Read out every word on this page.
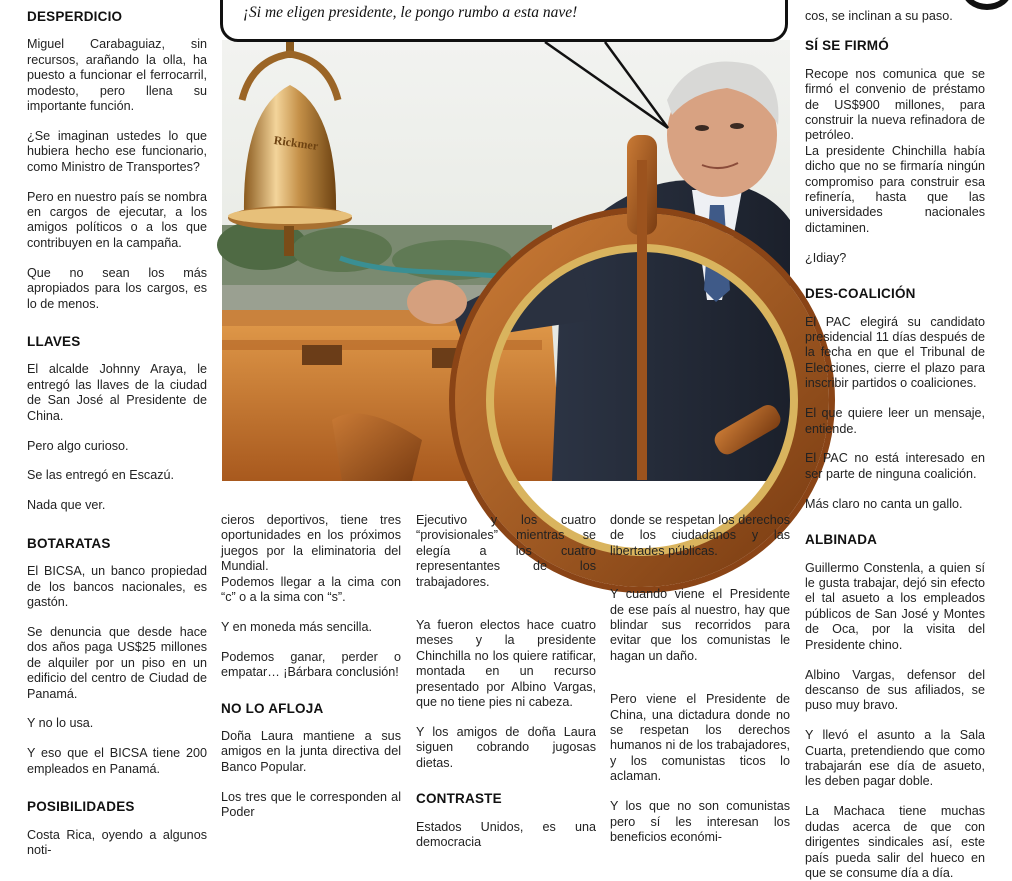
DESPERDICIO

Miguel Carabaguiaz, sin recursos, arañando la olla, ha puesto a funcionar el ferrocarril, modesto, pero llena su importante función.

¿Se imaginan ustedes lo que hubiera hecho ese funcionario, como Ministro de Transportes?

Pero en nuestro país se nombra en cargos de ejecutar, a los amigos políticos o a los que contribuyen en la campaña.

Que no sean los más apropiados para los cargos, es lo de menos.

LLAVES

El alcalde Johnny Araya, le entregó las llaves de la ciudad de San José al Presidente de China.

Pero algo curioso.

Se las entregó en Escazú.

Nada que ver.

BOTARATAS

El BICSA, un banco propiedad de los bancos nacionales, es gastón.

Se denuncia que desde hace dos años paga US$25 millones de alquiler por un piso en un edificio del centro de Ciudad de Panamá.

Y no lo usa.

Y eso que el BICSA tiene 200 empleados en Panamá.

POSIBILIDADES

Costa Rica, oyendo a algunos noti-

Rickmer
¡Si me eligen presidente, le pongo rumbo a esta nave!

cieros deportivos, tiene tres oportunidades en los próximos juegos por la eliminatoria del Mundial.

Podemos llegar a la cima con “c” o a la sima con “s”.

Y en moneda más sencilla.

Podemos ganar, perder o empatar… ¡Bárbara conclusión!

NO LO AFLOJA

Doña Laura mantiene a sus amigos en la junta directiva del Banco Popular.

Los tres que le corresponden al Poder

Ejecutivo y los cuatro “provisionales” mientras se elegía a los cuatro representantes de los trabajadores.

Ya fueron electos hace cuatro meses y la presidente Chinchilla no los quiere ratificar, montada en un recurso presentado por Albino Vargas, que no tiene pies ni cabeza.

Y los amigos de doña Laura siguen cobrando jugosas dietas.

CONTRASTE

Estados Unidos, es una democracia

donde se respetan los derechos de los ciudadanos y las libertades públicas.

Y cuando viene el Presidente de ese país al nuestro, hay que blindar sus recorridos para evitar que los comunistas le hagan un daño.

Pero viene el Presidente de China, una dictadura donde no se respetan los derechos humanos ni de los trabajadores, y los comunistas ticos lo aclaman.

Y los que no son comunistas pero sí les interesan los beneficios económi-

cos, se inclinan a su paso.

SÍ SE FIRMÓ

Recope nos comunica que se firmó el convenio de préstamo de US$900 millones, para construir la nueva refinadora de petróleo.

La presidente Chinchilla había dicho que no se firmaría ningún compromiso para construir esa refinería, hasta que las universidades nacionales dictaminen.

¿Idiay?

DES-COALICIÓN

El PAC elegirá su candidato presidencial 11 días después de la fecha en que el Tribunal de Elecciones, cierre el plazo para inscribir partidos o coaliciones.

El que quiere leer un mensaje, entiende.

El PAC no está interesado en ser parte de ninguna coalición.

Más claro no canta un gallo.

ALBINADA

Guillermo Constenla, a quien sí le gusta trabajar, dejó sin efecto el tal asueto a los empleados públicos de San José y Montes de Oca, por la visita del Presidente chino.

Albino Vargas, defensor del descanso de sus afiliados, se puso muy bravo.

Y llevó el asunto a la Sala Cuarta, pretendiendo que como trabajarán ese día de asueto, les deben pagar doble.

La Machaca tiene muchas dudas acerca de que con dirigentes sindicales así, este país pueda salir del hueco en que se consume día a día.
